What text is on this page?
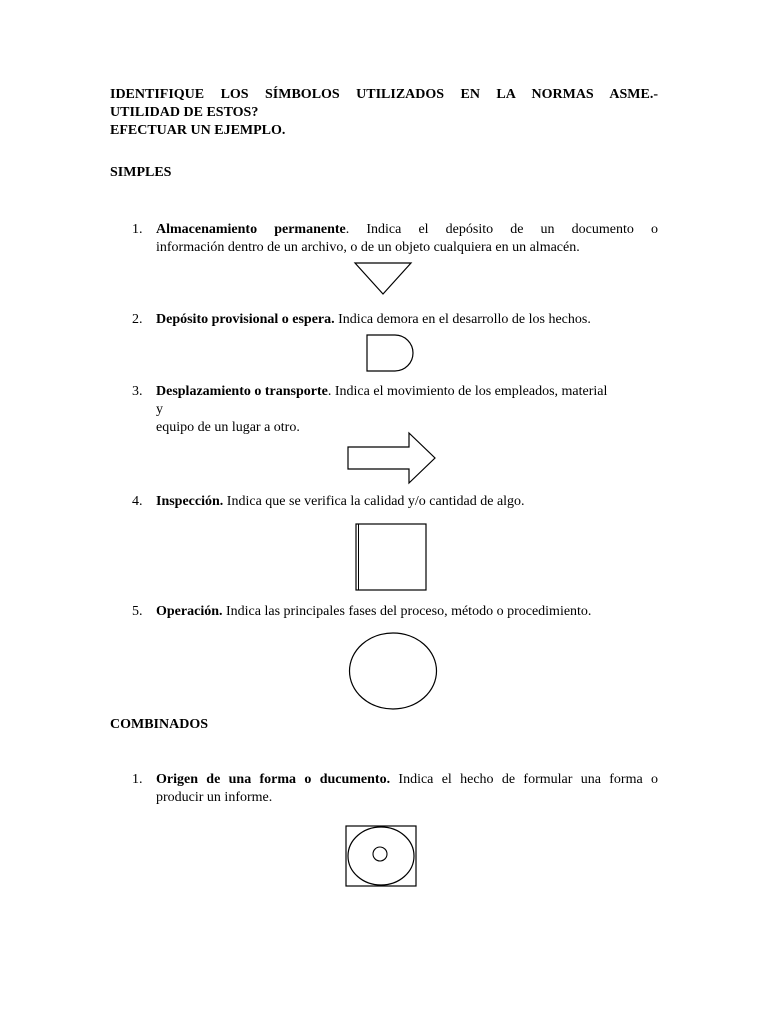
IDENTIFIQUE LOS SÍMBOLOS UTILIZADOS EN LA NORMAS ASME.-
UTILIDAD DE ESTOS?
EFECTUAR UN EJEMPLO.
SIMPLES
1. Almacenamiento permanente. Indica el depósito de un documento o
información dentro de un archivo, o de un objeto cualquiera en un almacén.
2. Depósito provisional o espera. Indica demora en el desarrollo de los hechos.
3. Desplazamiento o transporte. Indica el movimiento de los empleados, material
y
equipo de un lugar a otro.
4. Inspección. Indica que se verifica la calidad y/o cantidad de algo.
5. Operación. Indica las principales fases del proceso, método o procedimiento.
COMBINADOS
1. Origen de una forma o ducumento. Indica el hecho de formular una forma o
producir un informe.
